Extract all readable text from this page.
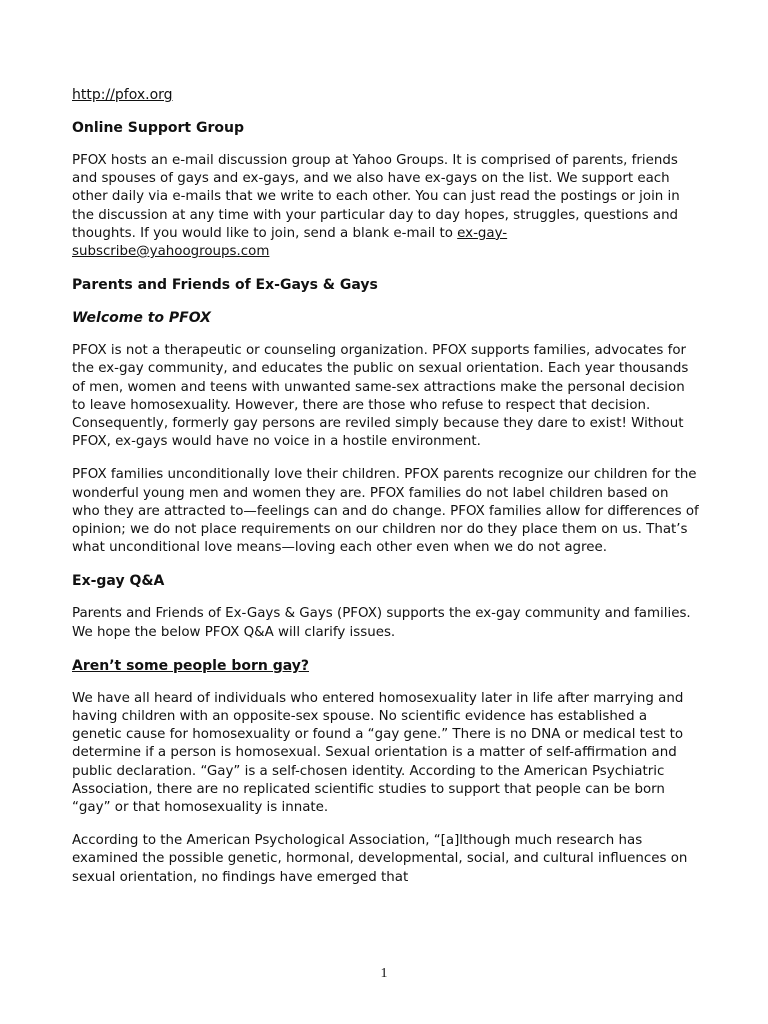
http://pfox.org
Online Support Group

PFOX hosts an e-mail discussion group at Yahoo Groups. It is comprised of parents, friends and spouses of gays and ex-gays, and we also have ex-gays on the list. We support each other daily via e-mails that we write to each other. You can just read the postings or join in the discussion at any time with your particular day to day hopes, struggles, questions and thoughts. If you would like to join, send a blank e-mail to ex-gay-subscribe@yahoogroups.com

Parents and Friends of Ex-Gays & Gays
Welcome to PFOX

PFOX is not a therapeutic or counseling organization. PFOX supports families, advocates for the ex-gay community, and educates the public on sexual orientation. Each year thousands of men, women and teens with unwanted same-sex attractions make the personal decision to leave homosexuality. However, there are those who refuse to respect that decision. Consequently, formerly gay persons are reviled simply because they dare to exist! Without PFOX, ex-gays would have no voice in a hostile environment.

PFOX families unconditionally love their children. PFOX parents recognize our children for the wonderful young men and women they are. PFOX families do not label children based on who they are attracted to—feelings can and do change. PFOX families allow for differences of opinion; we do not place requirements on our children nor do they place them on us. That’s what unconditional love means—loving each other even when we do not agree.

Ex-gay Q&A

Parents and Friends of Ex-Gays & Gays (PFOX) supports the ex-gay community and families. We hope the below PFOX Q&A will clarify issues.

Aren’t some people born gay?

We have all heard of individuals who entered homosexuality later in life after marrying and having children with an opposite-sex spouse. No scientific evidence has established a genetic cause for homosexuality or found a “gay gene.” There is no DNA or medical test to determine if a person is homosexual. Sexual orientation is a matter of self-affirmation and public declaration. “Gay” is a self-chosen identity. According to the American Psychiatric Association, there are no replicated scientific studies to support that people can be born “gay” or that homosexuality is innate.

According to the American Psychological Association, “[a]lthough much research has examined the possible genetic, hormonal, developmental, social, and cultural influences on sexual orientation, no findings have emerged that

1
